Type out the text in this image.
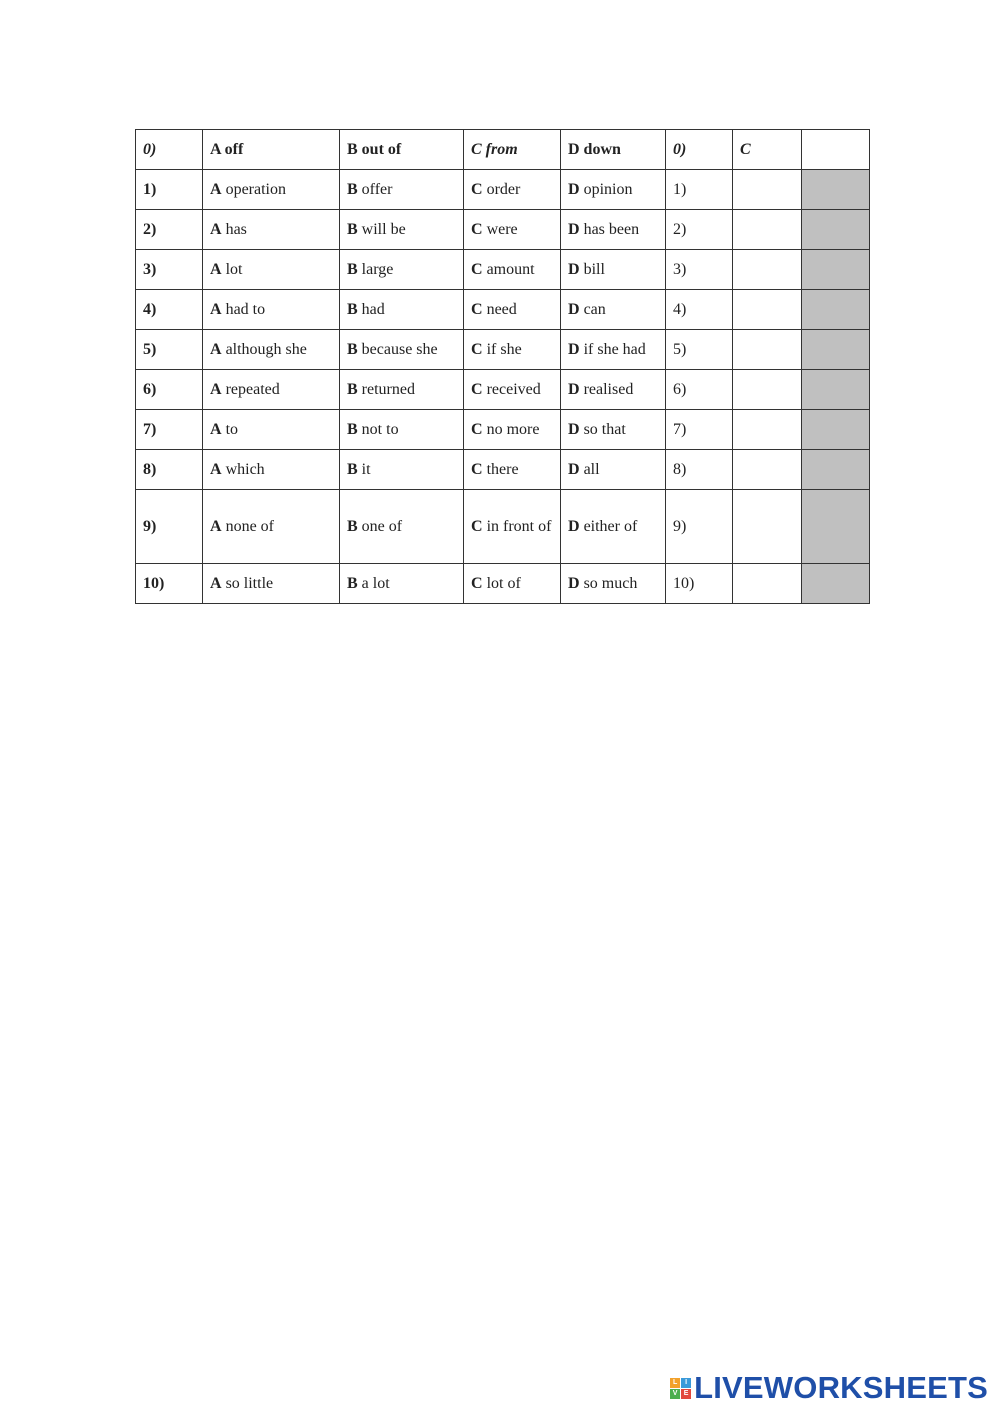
0)	A off	B out of	C from	D down	0)	C	
1)	A operation	B offer	C order	D opinion	1)	

2)	A has	B will be	C were	D has been	2)	

3)	A lot	B large	C amount	D bill	3)	

4)	A had to	B had	C need	D can	4)	

5)	A although she	B because she	C if she	D if she had	5)	

6)	A repeated	B returned	C received	D realised	6)	

7)	A to	B not to	C no more	D so that	7)	

8)	A which	B it	C there	D all	8)	

9)	A none of	B one of	C in front of	D either of	9)	

10)	A so little	B a lot	C lot of	D so much	10)	

L	I
V E LIVEWORKSHEETS
